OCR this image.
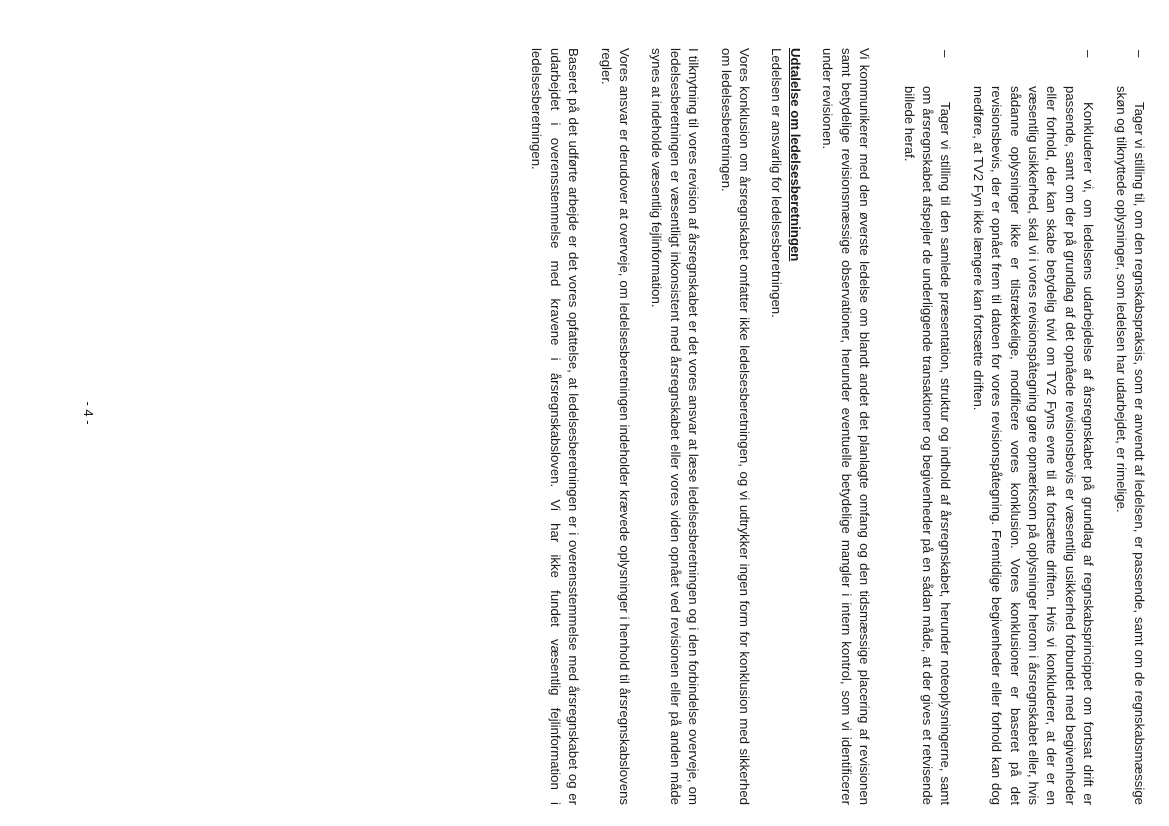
–
Tager vi stilling til, om den regnskabspraksis, som er anvendt af ledelsen, er passende, samt om de regnskabsmæssige skøn og tilknyttede oplysninger, som ledelsen har udarbejdet, er rimelige.
–
Konkluderer vi, om ledelsens udarbejdelse af årsregnskabet på grundlag af regnskabsprincippet om fortsat drift er passende, samt om der på grundlag af det opnåede revisionsbevis er væsentlig usikkerhed forbundet med begivenheder eller forhold, der kan skabe betydelig tvivl om TV2 Fyns evne til at fortsætte driften. Hvis vi konkluderer, at der er en væsentlig usikkerhed, skal vi i vores revisionspåtegning gøre opmærksom på oplysninger herom i årsregnskabet eller, hvis sådanne oplysninger ikke er tilstrækkelige, modificere vores konklusion. Vores konklusioner er baseret på det revisionsbevis, der er opnået frem til datoen for vores revisionspåtegning. Fremtidige begivenheder eller forhold kan dog medføre, at TV2 Fyn ikke længere kan fortsætte driften.
–
Tager vi stilling til den samlede præsentation, struktur og indhold af årsregnskabet, herunder noteoplysningerne, samt om årsregnskabet afspejler de underliggende transaktioner og begivenheder på en sådan måde, at der gives et retvisende billede heraf.

Vi kommunikerer med den øverste ledelse om blandt andet det planlagte omfang og den tidsmæssige placering af revisionen samt betydelige revisionsmæssige observationer, herunder eventuelle betydelige mangler i intern kontrol, som vi identificerer under revisionen.

Udtalelse om ledelsesberetningen

Ledelsen er ansvarlig for ledelsesberetningen.

Vores konklusion om årsregnskabet omfatter ikke ledelsesberetningen, og vi udtrykker ingen form for konklusion med sikkerhed om ledelsesberetningen.

I tilknytning til vores revision af årsregnskabet er det vores ansvar at læse ledelsesberetningen og i den forbindelse overveje, om ledelsesberetningen er væsentligt inkonsistent med årsregnskabet eller vores viden opnået ved revisionen eller på anden måde synes at indeholde væsentlig fejlinformation.

Vores ansvar er derudover at overveje, om ledelsesberetningen indeholder krævede oplysninger i henhold til årsregnskabslovens regler.

Baseret på det udførte arbejde er det vores opfattelse, at ledelsesberetningen er i overensstemmelse med årsregnskabet og er udarbejdet i overensstemmelse med kravene i årsregnskabsloven. Vi har ikke fundet væsentlig fejlinformation i ledelsesberetningen.

- 4 -
